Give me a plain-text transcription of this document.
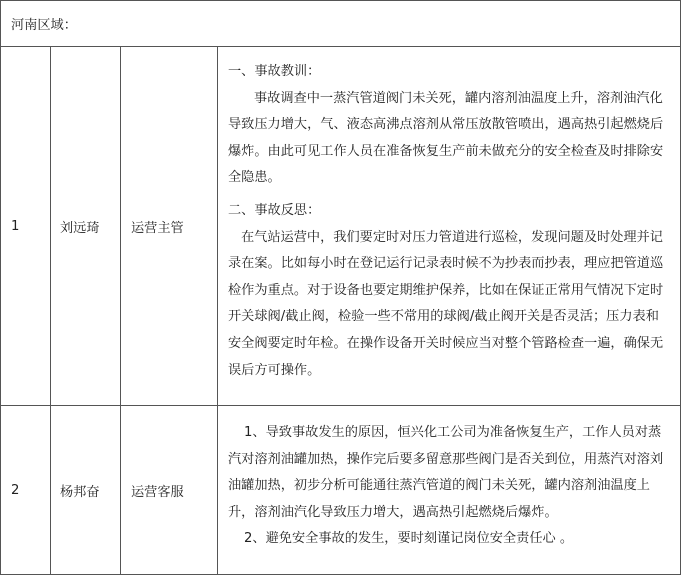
河南区域：			
1	刘远琦	运营主管	一、事故教训：

事故调查中一蒸汽管道阀门未关死，罐内溶剂油温度上升，溶剂油汽化导致压力增大，气、液态高沸点溶剂从常压放散管喷出，遇高热引起燃烧后爆炸。由此可见工作人员在准备恢复生产前未做充分的安全检查及时排除安全隐患。

二、事故反思：

在气站运营中，我们要定时对压力管道进行巡检，发现问题及时处理并记录在案。比如每小时在登记运行记录表时候不为抄表而抄表，理应把管道巡检作为重点。对于设备也要定期维护保养，比如在保证正常用气情况下定时开关球阀/截止阀，检验一些不常用的球阀/截止阀开关是否灵活；压力表和安全阀要定时年检。在操作设备开关时候应当对整个管路检查一遍，确保无误后方可操作。

2	杨邦奋	运营客服	1、导致事故发生的原因，恒兴化工公司为准备恢复生产，工作人员对蒸汽对溶剂油罐加热，操作完后要多留意那些阀门是否关到位，用蒸汽对溶刘油罐加热，初步分析可能通往蒸汽管道的阀门未关死，罐内溶剂油温度上升，溶剂油汽化导致压力增大，遇高热引起燃烧后爆炸。

2、避免安全事故的发生，要时刻谨记岗位安全责任心 。
